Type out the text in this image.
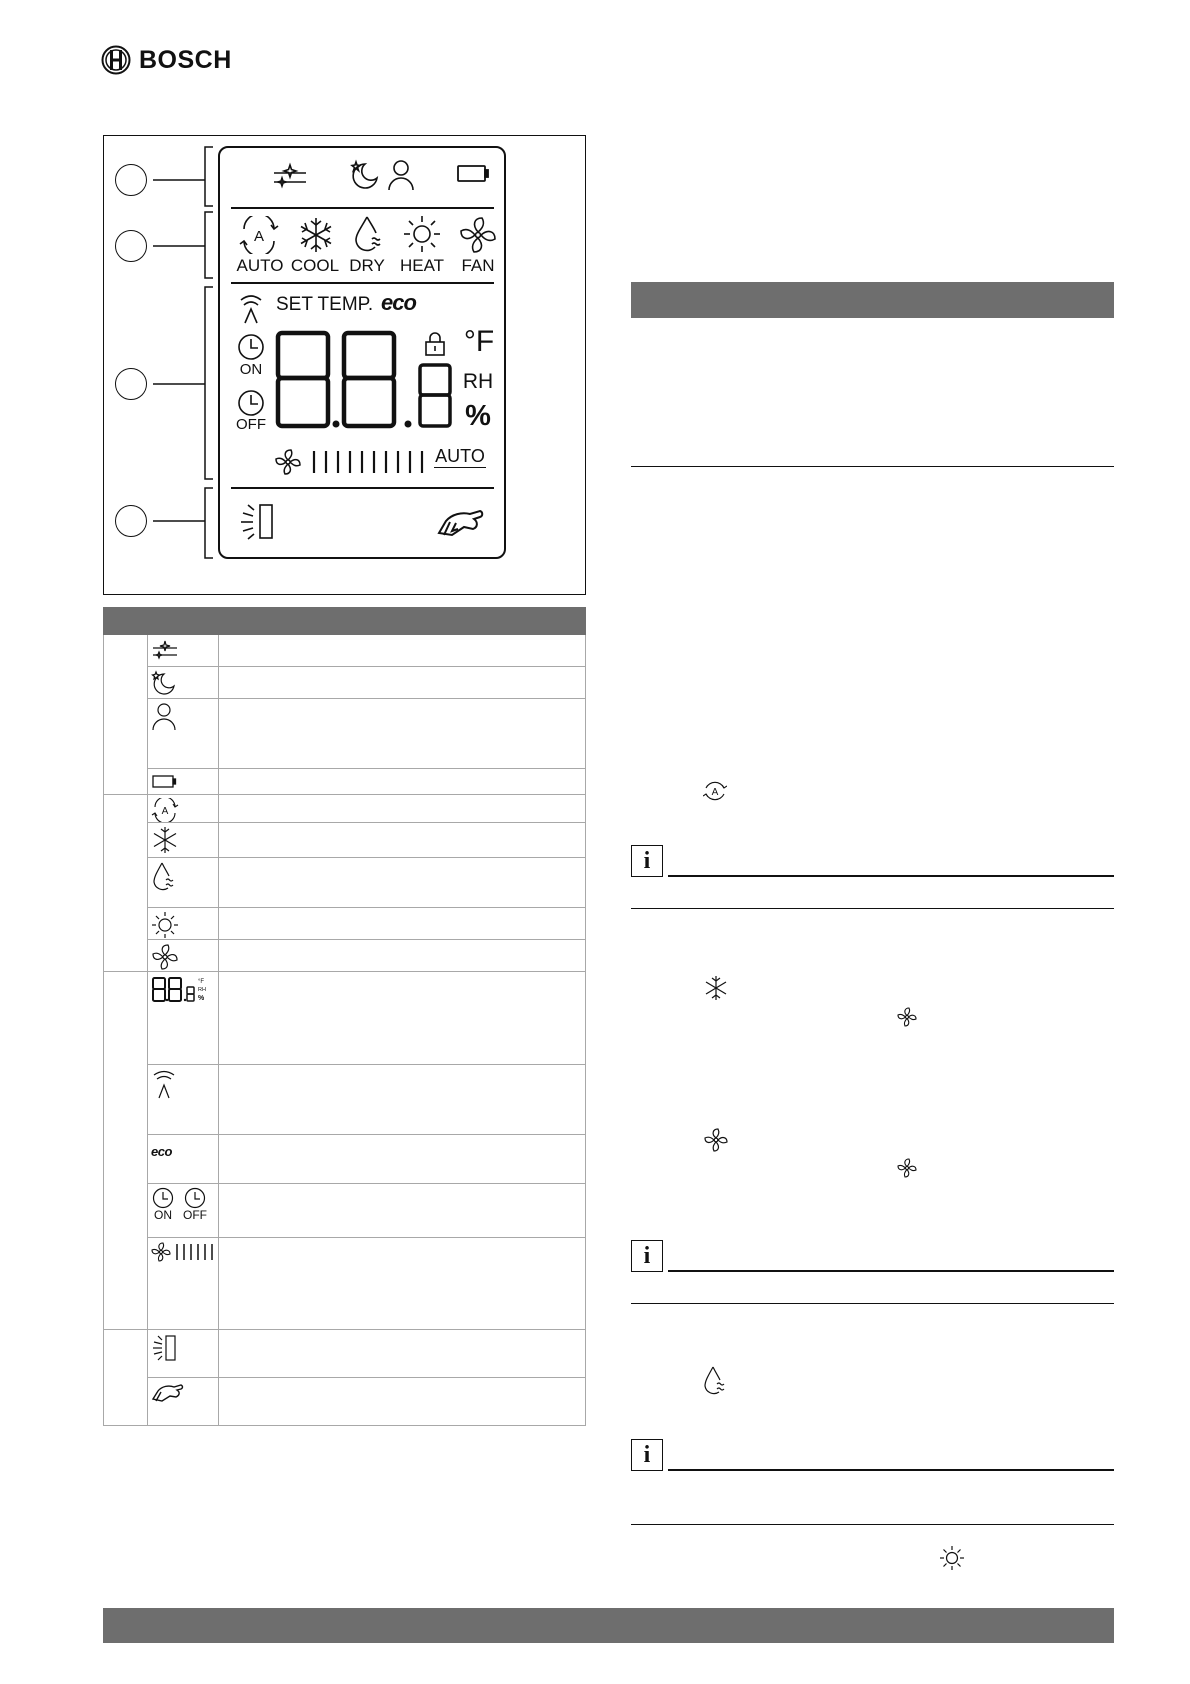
BOSCH
A
AUTO COOL DRY HEAT	FAN
SET TEMP. eco
ON
OFF
°F
RH
%
AUTO

A	

°F
RH
%	

	eco	

	ON OFF	

A
i
i
i
